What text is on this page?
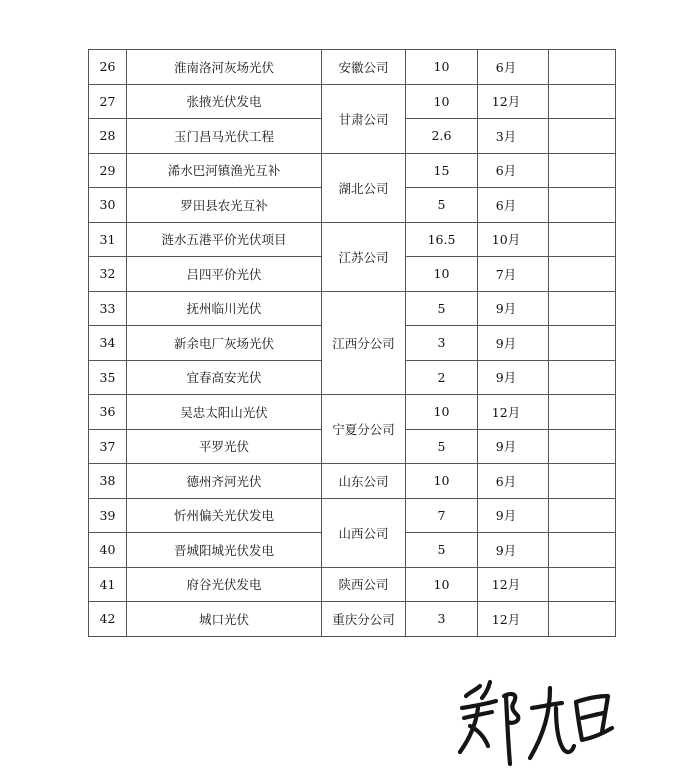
26	淮南洛河灰场光伏	安徽公司	10	6月	
27	张掖光伏发电	甘肃公司	10	12月	
28	玉门昌马光伏工程		2.6	3月	
29	浠水巴河镇渔光互补	湖北公司	15	6月	
30	罗田县农光互补		5	6月	
31	涟水五港平价光伏项目	江苏公司	16.5	10月	
32	吕四平价光伏		10	7月	
33	抚州临川光伏	江西分公司	5	9月	
34	新余电厂灰场光伏		3	9月	
35	宜春高安光伏		2	9月	
36	吴忠太阳山光伏	宁夏分公司	10	12月	
37	平罗光伏		5	9月	
38	德州齐河光伏	山东公司	10	6月	
39	忻州偏关光伏发电	山西公司	7	9月	
40	晋城阳城光伏发电		5	9月	
41	府谷光伏发电	陕西公司	10	12月	
42	城口光伏	重庆分公司	3	12月	
